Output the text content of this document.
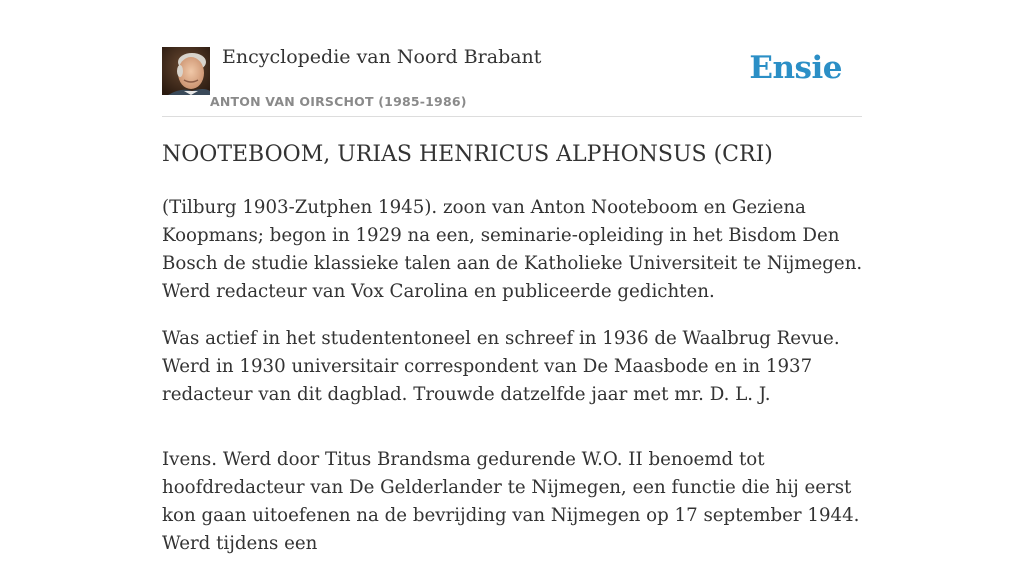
Encyclopedie van Noord Brabant
ANTON VAN OIRSCHOT (1985-1986)
Ensie
NOOTEBOOM, URIAS HENRICUS ALPHONSUS (CRI)

(Tilburg 1903-Zutphen 1945). zoon van Anton Nooteboom en Geziena Koopmans; begon in 1929 na een, seminarie-opleiding in het Bisdom Den Bosch de studie klassieke talen aan de Katholieke Universiteit te Nijmegen. Werd redacteur van Vox Carolina en publiceerde gedichten.

Was actief in het studententoneel en schreef in 1936 de Waalbrug Revue. Werd in 1930 universitair correspondent van De Maasbode en in 1937 redacteur van dit dagblad. Trouwde datzelfde jaar met mr. D. L. J.

Ivens. Werd door Titus Brandsma gedurende W.O. II benoemd tot hoofdredacteur van De Gelderlander te Nijmegen, een functie die hij eerst kon gaan uitoefenen na de bevrijding van Nijmegen op 17 september 1944. Werd tijdens een
